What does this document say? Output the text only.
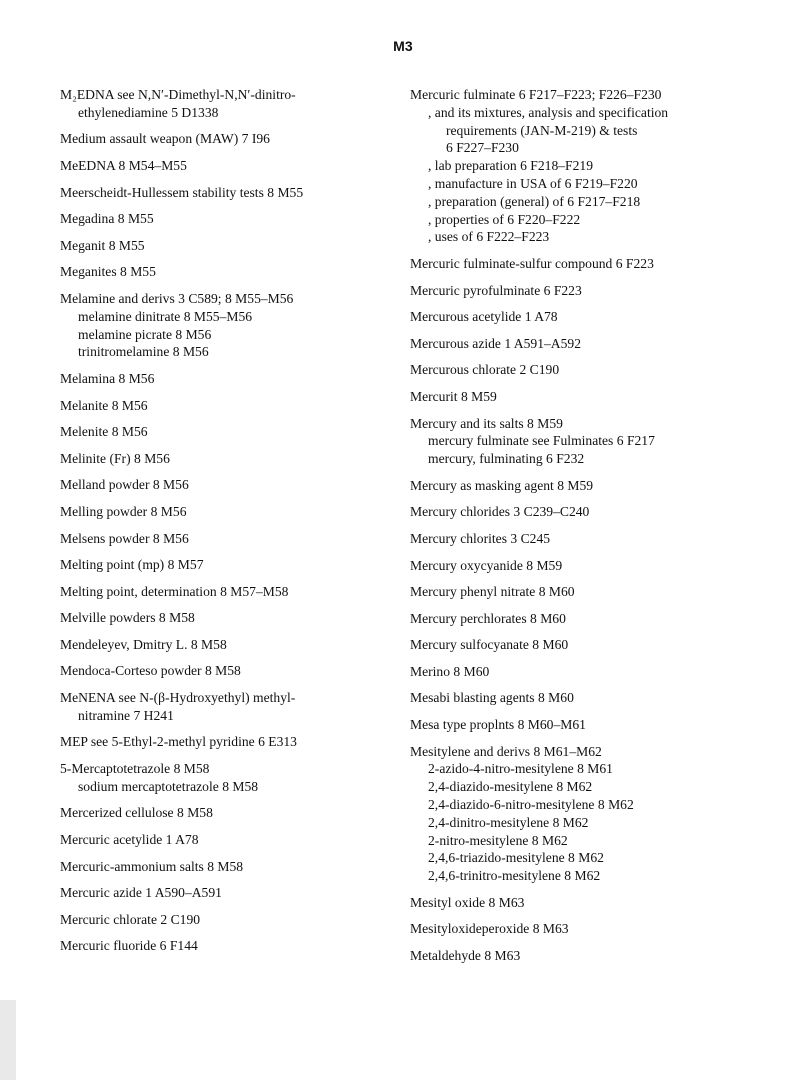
M3
M₂EDNA see N,N′-Dimethyl-N,N′-dinitro-
ethylenediamine 5 D1338
Medium assault weapon (MAW) 7 I96
MeEDNA 8 M54–M55
Meerscheidt-Hullessem stability tests 8 M55
Megadina 8 M55
Meganit 8 M55
Meganites 8 M55
Melamine and derivs 3 C589; 8 M55–M56
melamine dinitrate 8 M55–M56
melamine picrate 8 M56
trinitromelamine 8 M56
Melamina 8 M56
Melanite 8 M56
Melenite 8 M56
Melinite (Fr) 8 M56
Melland powder 8 M56
Melling powder 8 M56
Melsens powder 8 M56
Melting point (mp) 8 M57
Melting point, determination 8 M57–M58
Melville powders 8 M58
Mendeleyev, Dmitry L. 8 M58
Mendoca-Corteso powder 8 M58
MeNENA see N-(β-Hydroxyethyl) methyl-
nitramine 7 H241
MEP see 5-Ethyl-2-methyl pyridine 6 E313
5-Mercaptotetrazole 8 M58
sodium mercaptotetrazole 8 M58
Mercerized cellulose 8 M58
Mercuric acetylide 1 A78
Mercuric-ammonium salts 8 M58
Mercuric azide 1 A590–A591
Mercuric chlorate 2 C190
Mercuric fluoride 6 F144
Mercuric fulminate 6 F217–F223; F226–F230
, and its mixtures, analysis and specification
requirements (JAN-M-219) & tests
6 F227–F230
, lab preparation 6 F218–F219
, manufacture in USA of 6 F219–F220
, preparation (general) of 6 F217–F218
, properties of 6 F220–F222
, uses of 6 F222–F223
Mercuric fulminate-sulfur compound 6 F223
Mercuric pyrofulminate 6 F223
Mercurous acetylide 1 A78
Mercurous azide 1 A591–A592
Mercurous chlorate 2 C190
Mercurit 8 M59
Mercury and its salts 8 M59
mercury fulminate see Fulminates 6 F217
mercury, fulminating 6 F232
Mercury as masking agent 8 M59
Mercury chlorides 3 C239–C240
Mercury chlorites 3 C245
Mercury oxycyanide 8 M59
Mercury phenyl nitrate 8 M60
Mercury perchlorates 8 M60
Mercury sulfocyanate 8 M60
Merino 8 M60
Mesabi blasting agents 8 M60
Mesa type proplnts 8 M60–M61
Mesitylene and derivs 8 M61–M62
2-azido-4-nitro-mesitylene 8 M61
2,4-diazido-mesitylene 8 M62
2,4-diazido-6-nitro-mesitylene 8 M62
2,4-dinitro-mesitylene 8 M62
2-nitro-mesitylene 8 M62
2,4,6-triazido-mesitylene 8 M62
2,4,6-trinitro-mesitylene 8 M62
Mesityl oxide 8 M63
Mesityloxideperoxide 8 M63
Metaldehyde 8 M63
